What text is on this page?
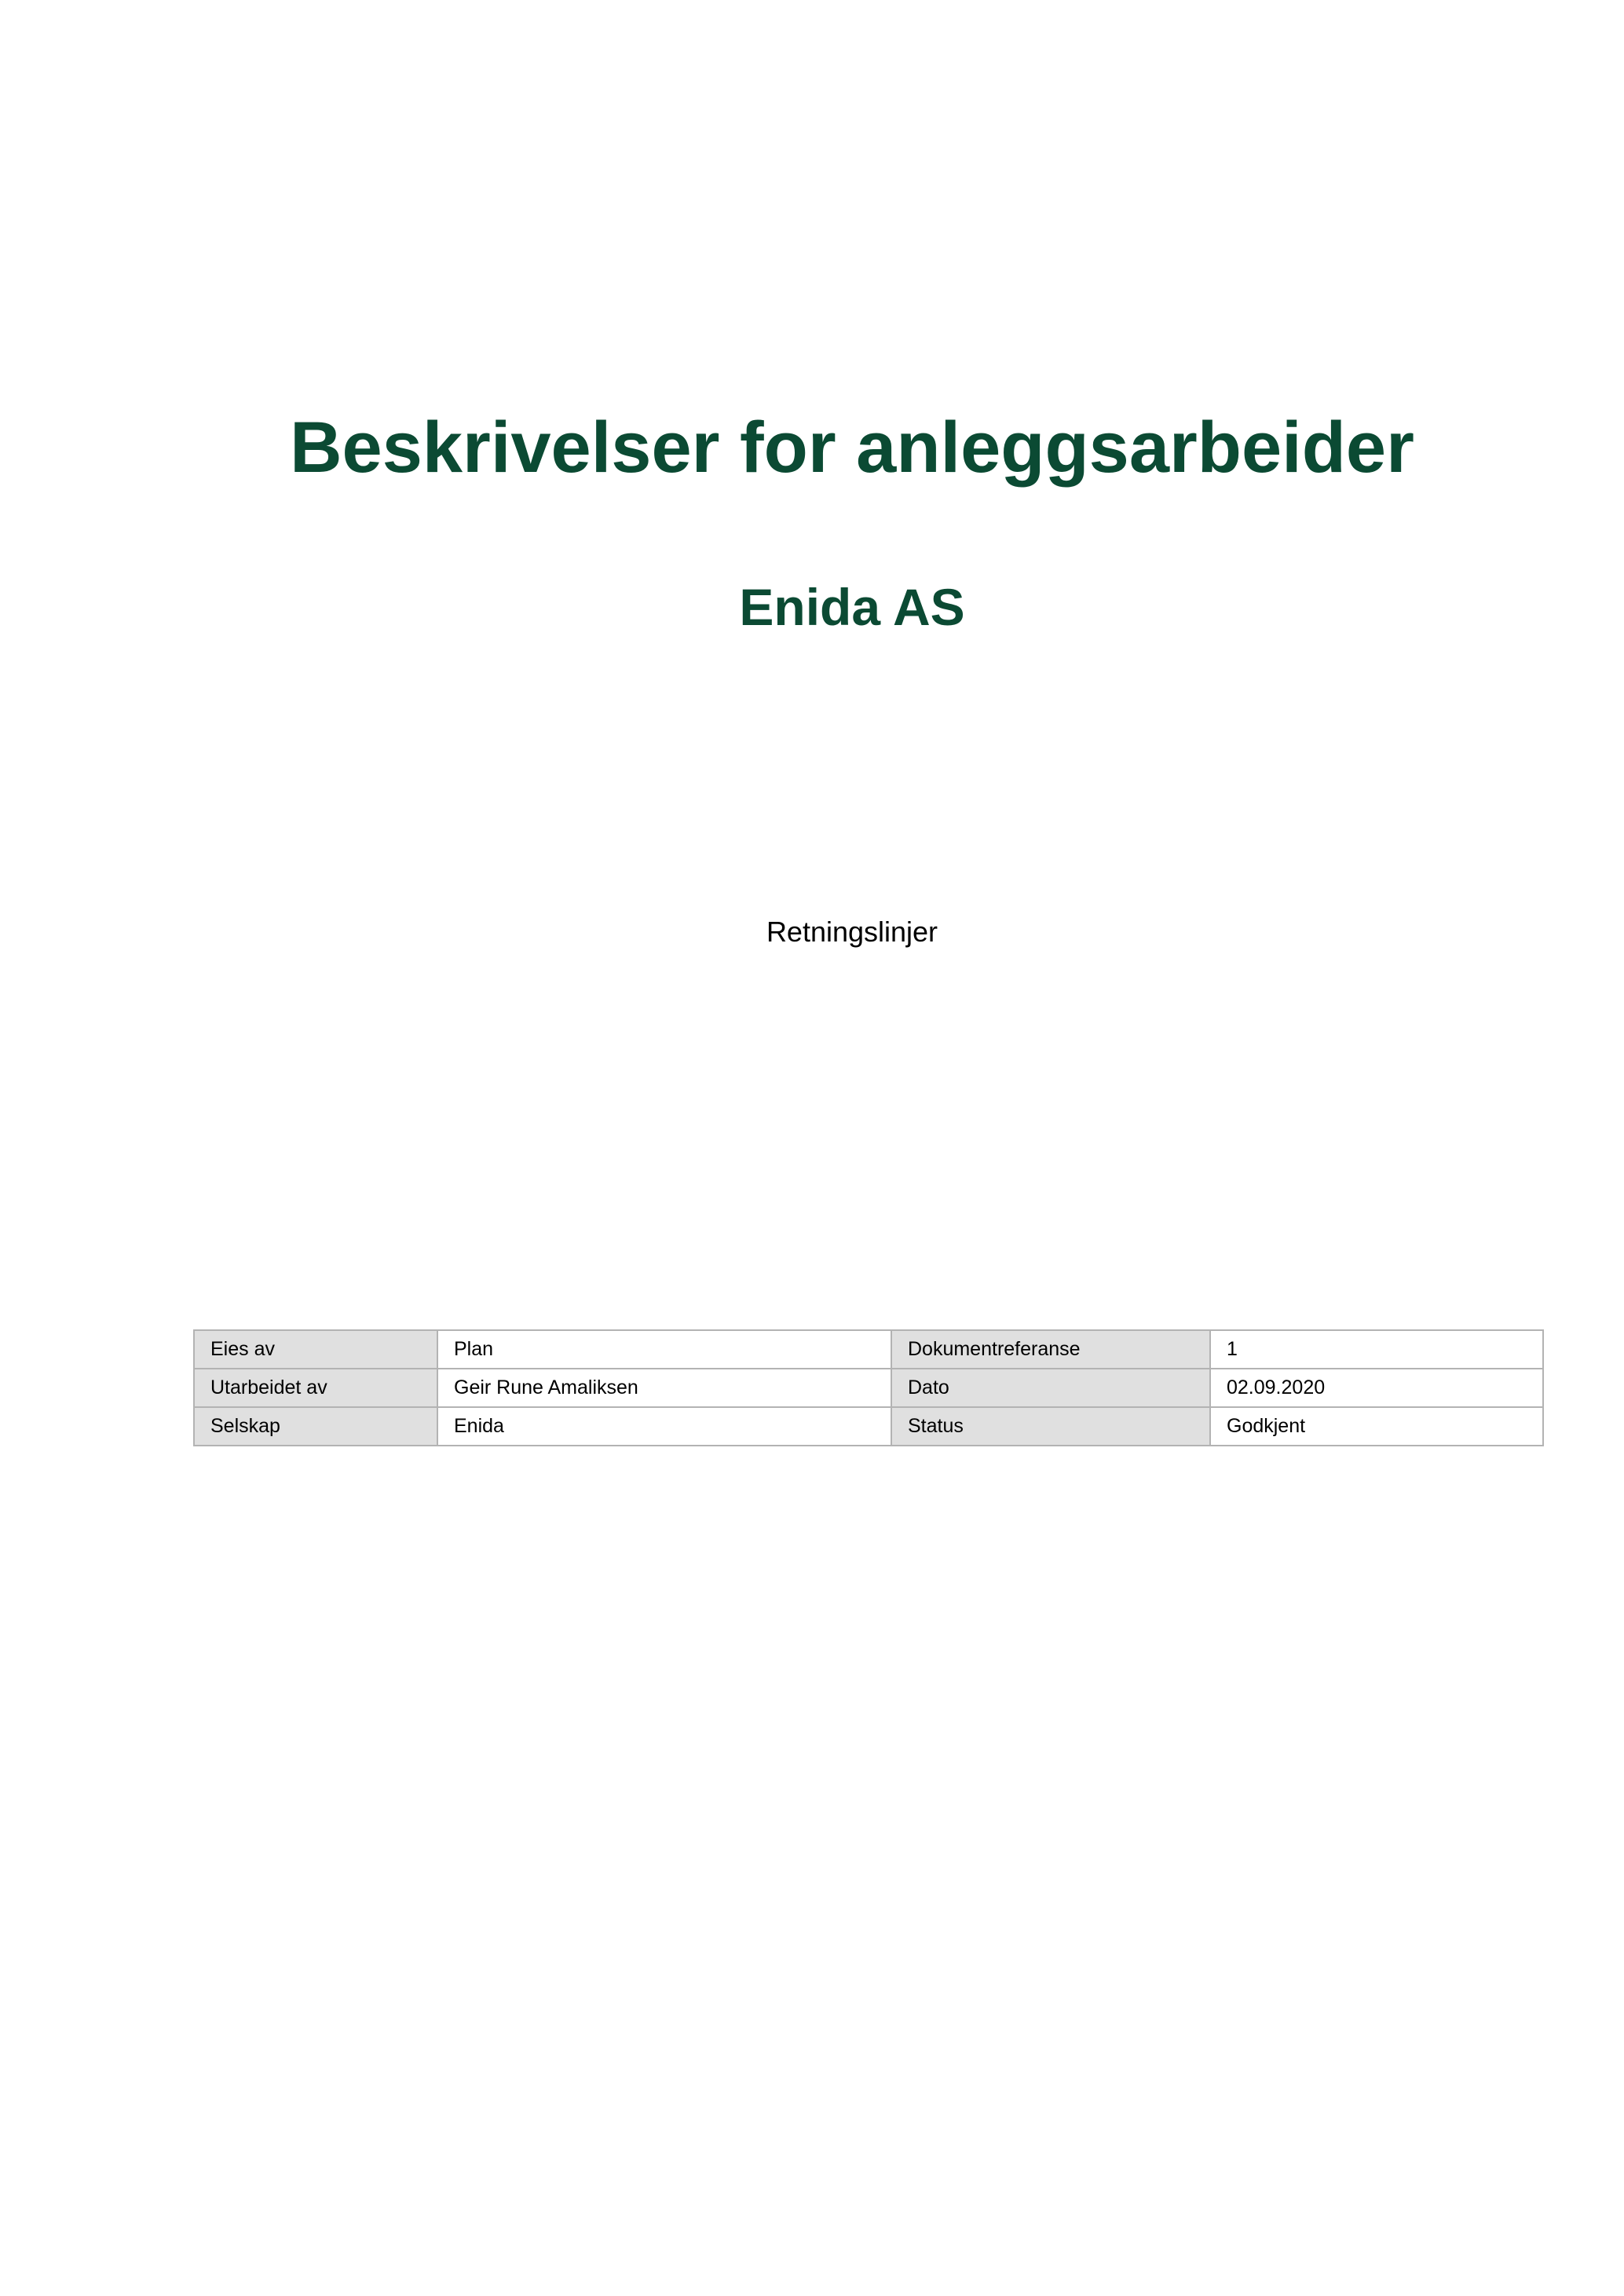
Beskrivelser for anleggsarbeider
Enida AS
Retningslinjer
Eies av	Plan	Dokumentreferanse	1
Utarbeidet av	Geir Rune Amaliksen	Dato	02.09.2020
Selskap	Enida	Status	Godkjent
